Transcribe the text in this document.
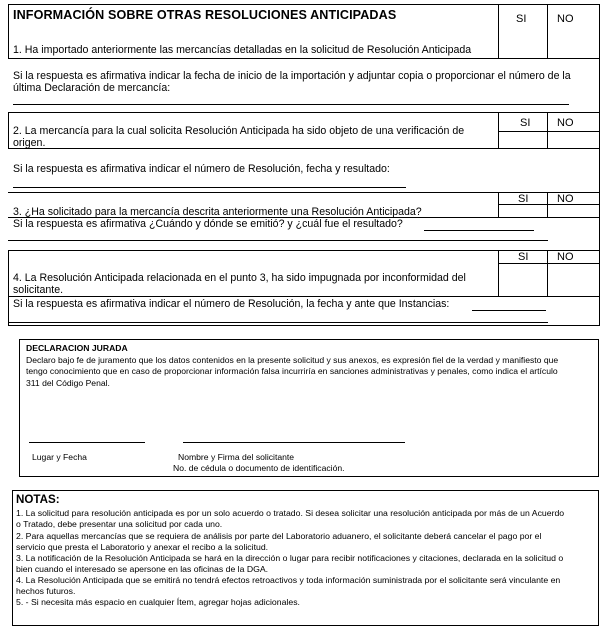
INFORMACIÓN SOBRE OTRAS RESOLUCIONES ANTICIPADAS	SI	NO
1. Ha importado anteriormente las mercancías detalladas en la solicitud de Resolución Anticipada
Si la respuesta es afirmativa indicar la fecha de inicio de la importación y adjuntar copia o proporcionar el número de la
última Declaración de mercancía:
SI NO
2. La mercancía para la cual solicita Resolución Anticipada ha sido objeto de una verificación de
origen.
Si la respuesta es afirmativa indicar el número de Resolución, fecha y resultado:
SI	NO
3. ¿Ha solicitado para la mercancía descrita anteriormente una Resolución Anticipada?
Si la respuesta es afirmativa ¿Cuándo y dónde se emitió? y ¿cuál fue el resultado?
SI	NO
4. La Resolución Anticipada relacionada en el punto 3, ha sido impugnada por inconformidad del
solicitante.
Si la respuesta es afirmativa indicar el número de Resolución, la fecha y ante que Instancias:
DECLARACION JURADA
Declaro bajo fe de juramento que los datos contenidos en la presente solicitud y sus anexos, es expresión fiel de la verdad y manifiesto que
tengo conocimiento que en caso de proporcionar información falsa incurriría en sanciones administrativas y penales, como indica el artículo
311 del Código Penal.
Lugar y Fecha	Nombre y Firma del solicitante
No. de cédula o documento de identificación.
NOTAS:
1. La solicitud para resolución anticipada es por un solo acuerdo o tratado. Si desea solicitar una resolución anticipada por más de un Acuerdo
o Tratado, debe presentar una solicitud por cada uno.
2. Para aquellas mercancías que se requiera de análisis por parte del Laboratorio aduanero, el solicitante deberá cancelar el pago por el
servicio que presta el Laboratorio y anexar el recibo a la solicitud.
3. La notificación de la Resolución Anticipada se hará en la dirección o lugar para recibir notificaciones y citaciones, declarada en la solicitud o
bien cuando el interesado se apersone en las oficinas de la DGA.
4. La Resolución Anticipada que se emitirá no tendrá efectos retroactivos y toda información suministrada por el solicitante será vinculante en
hechos futuros.
5. - Si necesita más espacio en cualquier Ítem, agregar hojas adicionales.
